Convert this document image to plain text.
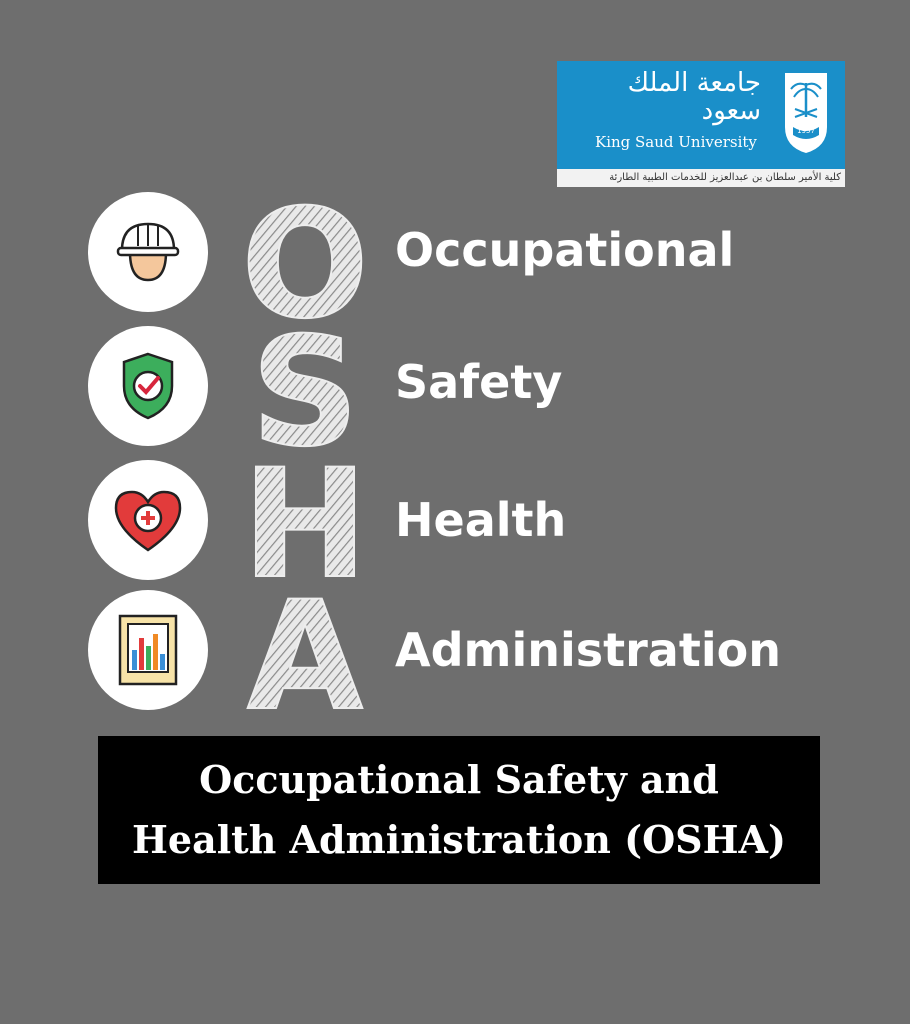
جامعة الملك سعود
King Saud University
1957
كلية الأمير سلطان بن عبدالعزيز للخدمات الطبية الطارئة
O Occupational
S Safety
H Health
A Administration
Occupational Safety and
Health Administration (OSHA)
